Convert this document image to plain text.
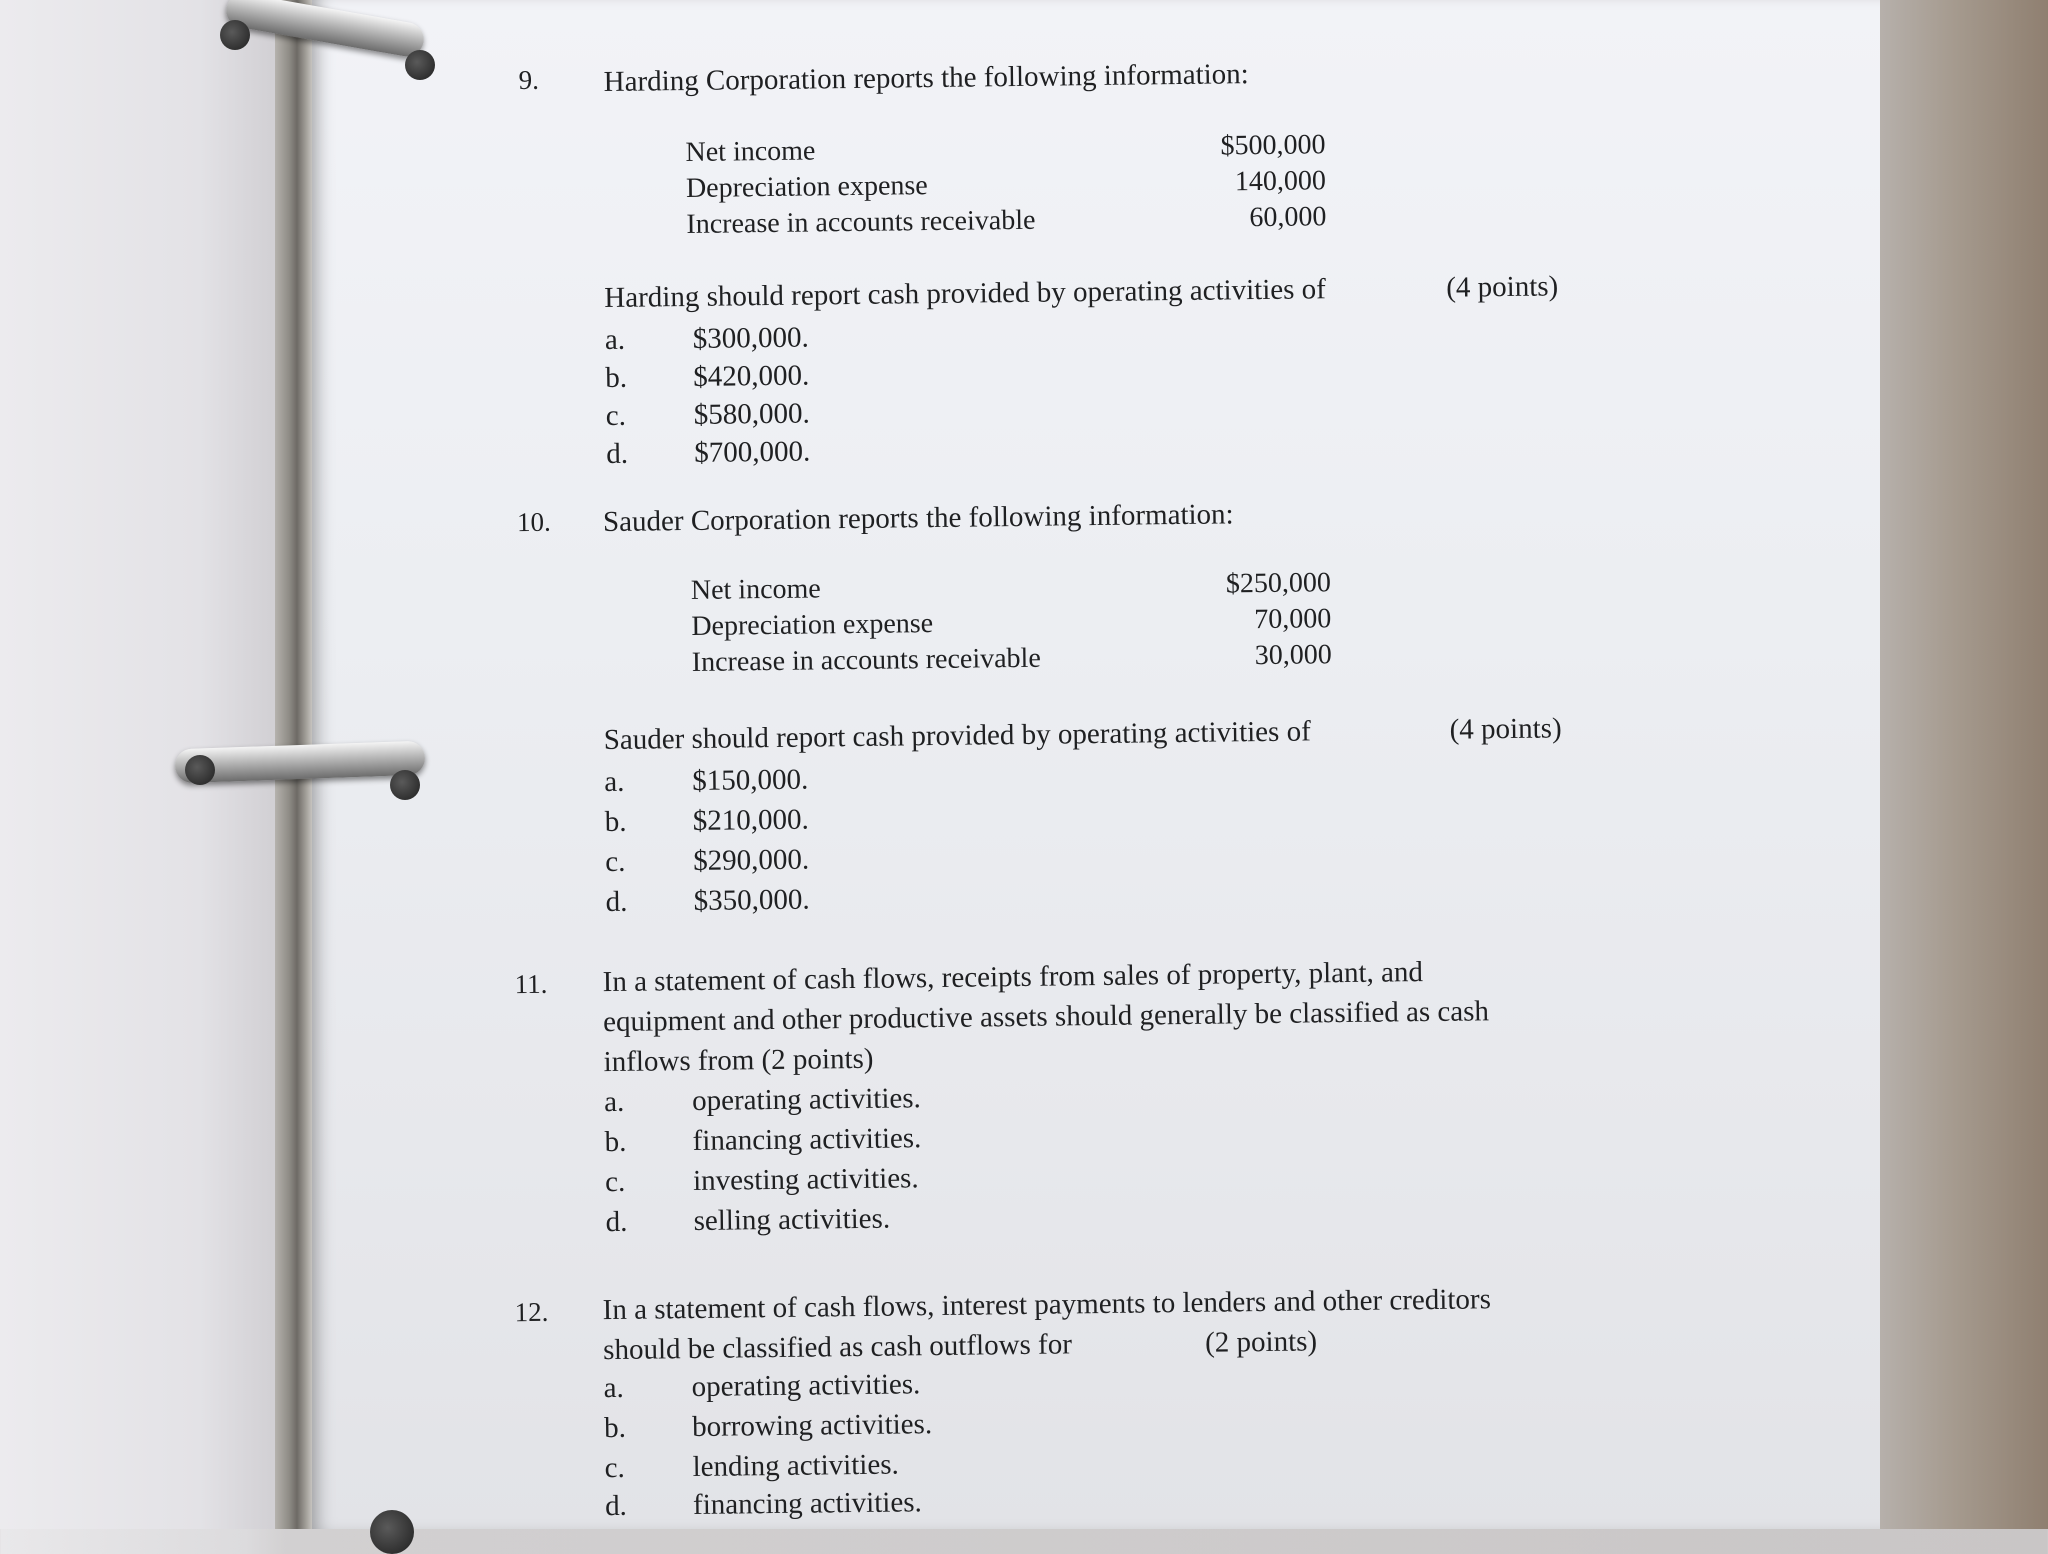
9. Harding Corporation reports the following information:
Net income	$500,000
Depreciation expense	140,000
Increase in accounts receivable	60,000
Harding should report cash provided by operating activities of	(4 points)
a. $300,000.
b. $420,000.
c. $580,000.
d. $700,000.
10. Sauder Corporation reports the following information:
Net income	$250,000
Depreciation expense	70,000
Increase in accounts receivable	30,000
Sauder should report cash provided by operating activities of	(4 points)
a. $150,000.
b. $210,000.
c. $290,000.
d. $350,000.
11. In a statement of cash flows, receipts from sales of property, plant, and
equipment and other productive assets should generally be classified as cash
inflows from (2 points)
a. operating activities.
b. financing activities.
c. investing activities.
d. selling activities.
12. In a statement of cash flows, interest payments to lenders and other creditors
should be classified as cash outflows for	(2 points)
a. operating activities.
b. borrowing activities.
c. lending activities.
d. financing activities.
